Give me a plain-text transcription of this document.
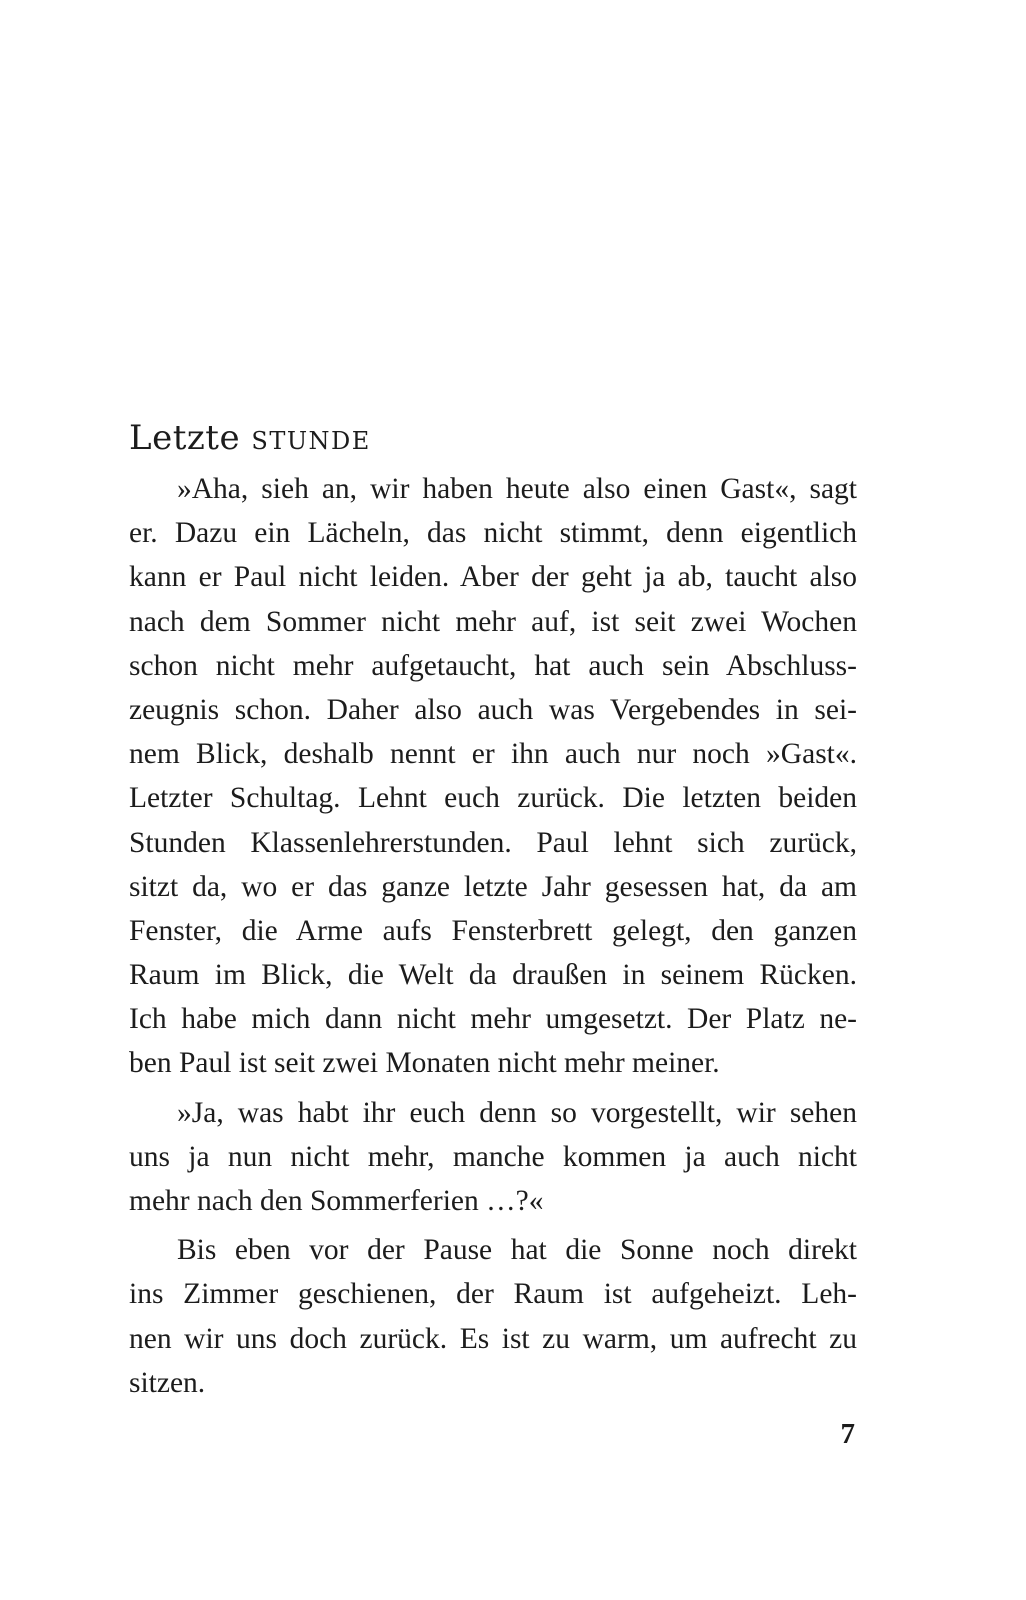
Letzte stunde
»Aha, sieh an, wir haben heute also einen Gast«, sagt
er. Dazu ein Lächeln, das nicht stimmt, denn eigentlich
kann er Paul nicht leiden. Aber der geht ja ab, taucht also
nach dem Sommer nicht mehr auf, ist seit zwei Wochen
schon nicht mehr aufgetaucht, hat auch sein Abschluss-
zeugnis schon. Daher also auch was Vergebendes in sei-
nem Blick, deshalb nennt er ihn auch nur noch »Gast«.
Letzter Schultag. Lehnt euch zurück. Die letzten beiden
Stunden Klassenlehrerstunden. Paul lehnt sich zurück,
sitzt da, wo er das ganze letzte Jahr gesessen hat, da am
Fenster, die Arme aufs Fensterbrett gelegt, den ganzen
Raum im Blick, die Welt da draußen in seinem Rücken.
Ich habe mich dann nicht mehr umgesetzt. Der Platz ne-
ben Paul ist seit zwei Monaten nicht mehr meiner.
»Ja, was habt ihr euch denn so vorgestellt, wir sehen
uns ja nun nicht mehr, manche kommen ja auch nicht
mehr nach den Sommerferien …?«
Bis eben vor der Pause hat die Sonne noch direkt
ins Zimmer geschienen, der Raum ist aufgeheizt. Leh-
nen wir uns doch zurück. Es ist zu warm, um aufrecht zu
sitzen.
7
